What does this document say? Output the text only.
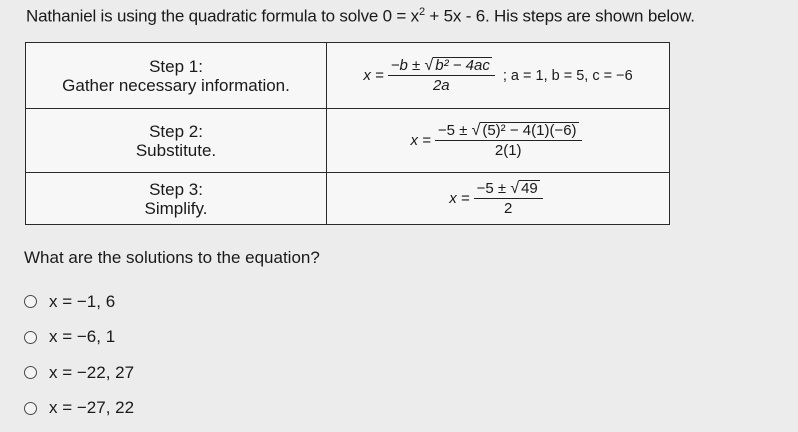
Nathaniel is using the quadratic formula to solve $0 = x^2 + 5x - 6$. His steps are shown below.
Step 1:
Gather necessary information.	$x = \frac{\text{−b ± √ b² − 4ac}}{2a}$ ; a = 1, b = 5, c = −6

Step 2:
Substitute.	$x = \frac{\text{−5 ± √ (5)² − 4(1)(−6)}}{2(1)}$

Step 3:
Simplify.	$x = \frac{-5 \pm √ 49}{2}$
What are the solutions to the equation?
x = −1, 6
x = −6, 1
x = −22, 27
x = −27, 22
